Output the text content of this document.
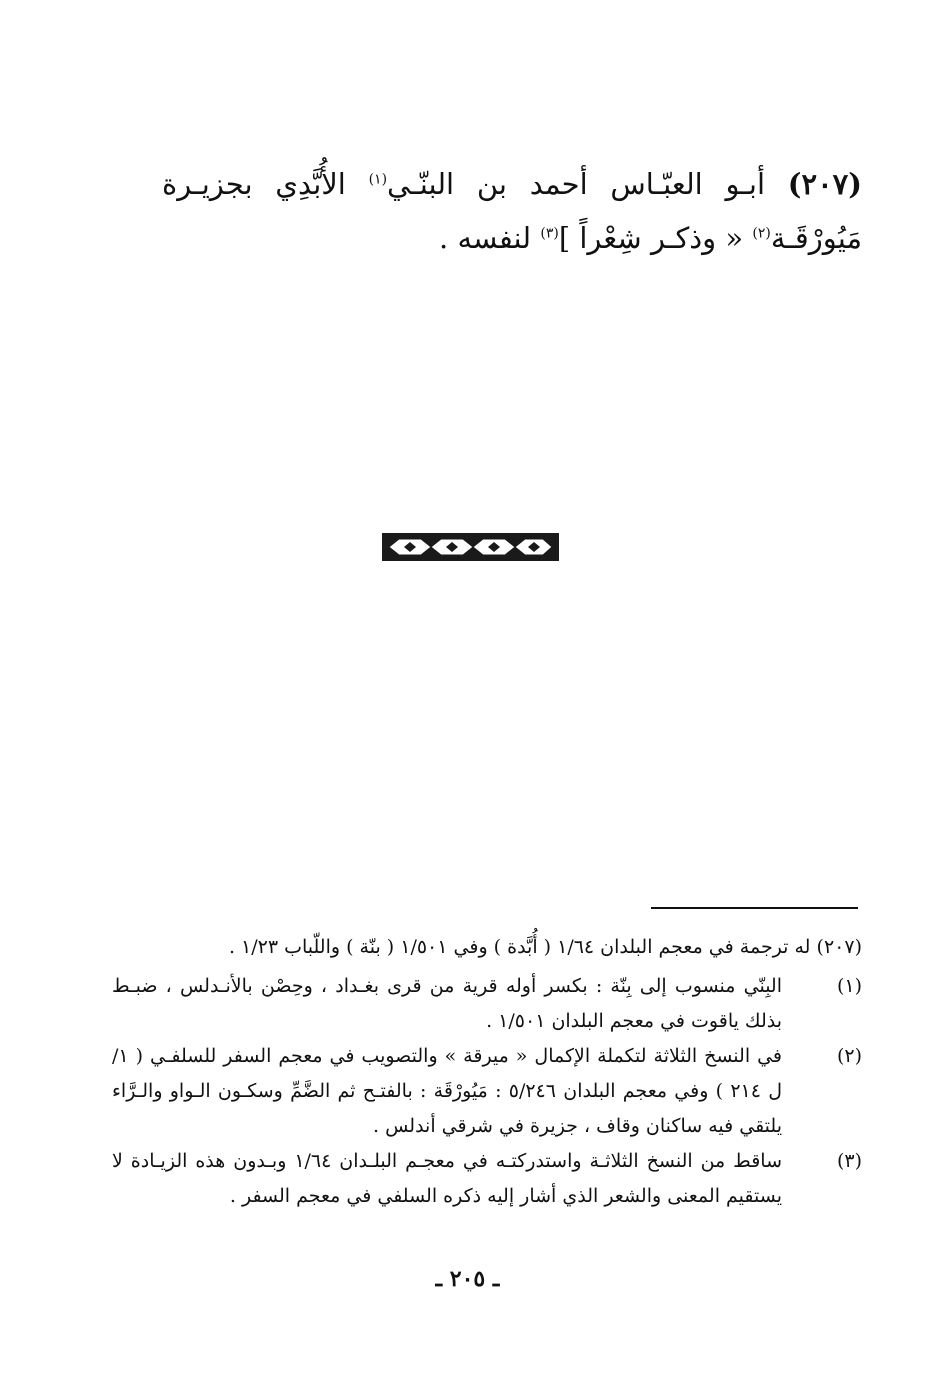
(٢٠٧) أبـو العبّـاس أحمد بن البنّـي$^{(١)}$ الأُبَّدِي بجزيـرة مَيُورْقَـة$^{(٢)}$ « وذكـر شِعْراً ]$^{(٣)}$ لنفسه .

(٢٠٧) له ترجمة في معجم البلدان ١/٦٤ ( أُبَّدة ) وفي ١/٥٠١ ( بنّة ) واللّباب ١/٢٣ .

(١)
البِنّي منسوب إلى بِنّة : بكسر أوله قرية من قرى بغـداد ، وحِصْن بالأنـدلس ، ضبـط بذلك ياقوت في معجم البلدان ١/٥٠١ .
(٢)
في النسخ الثلاثة لتكملة الإكمال « ميرقة » والتصويب في معجم السفر للسلفـي ( ١/ل ٢١٤ ) وفي معجم البلدان ٥/٢٤٦ : مَيُورْقَة : بالفتـح ثم الضَّمِّ وسكـون الـواو والـرَّاء يلتقي فيه ساكنان وقاف ، جزيرة في شرقي أندلس .
(٣)
ساقط من النسخ الثلاثـة واستدركتـه في معجـم البلـدان ١/٦٤ وبـدون هذه الزيـادة لا يستقيم المعنى والشعر الذي أشار إليه ذكره السلفي في معجم السفر .
ـ ٢٠٥ ـ
